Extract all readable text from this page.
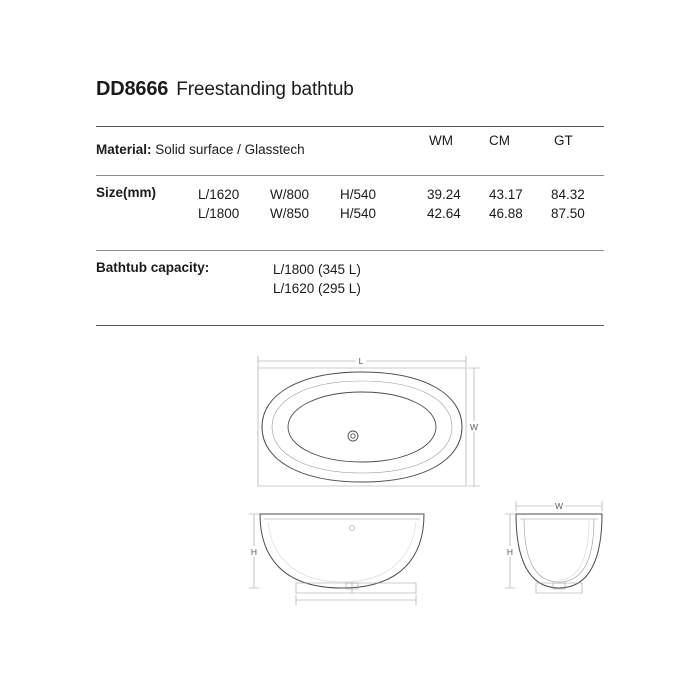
DD8666 Freestanding bathtub
Material: Solid surface / Glasstech
WM	CM	GT
Size(mm)	L/1620	W/800	H/540	39.24	43.17	84.32
L/1800	W/850	H/540	42.64	46.88	87.50
Bathtub capacity:	L/1800 (345 L)
L/1620 (295 L)
L
W
H
W
H
